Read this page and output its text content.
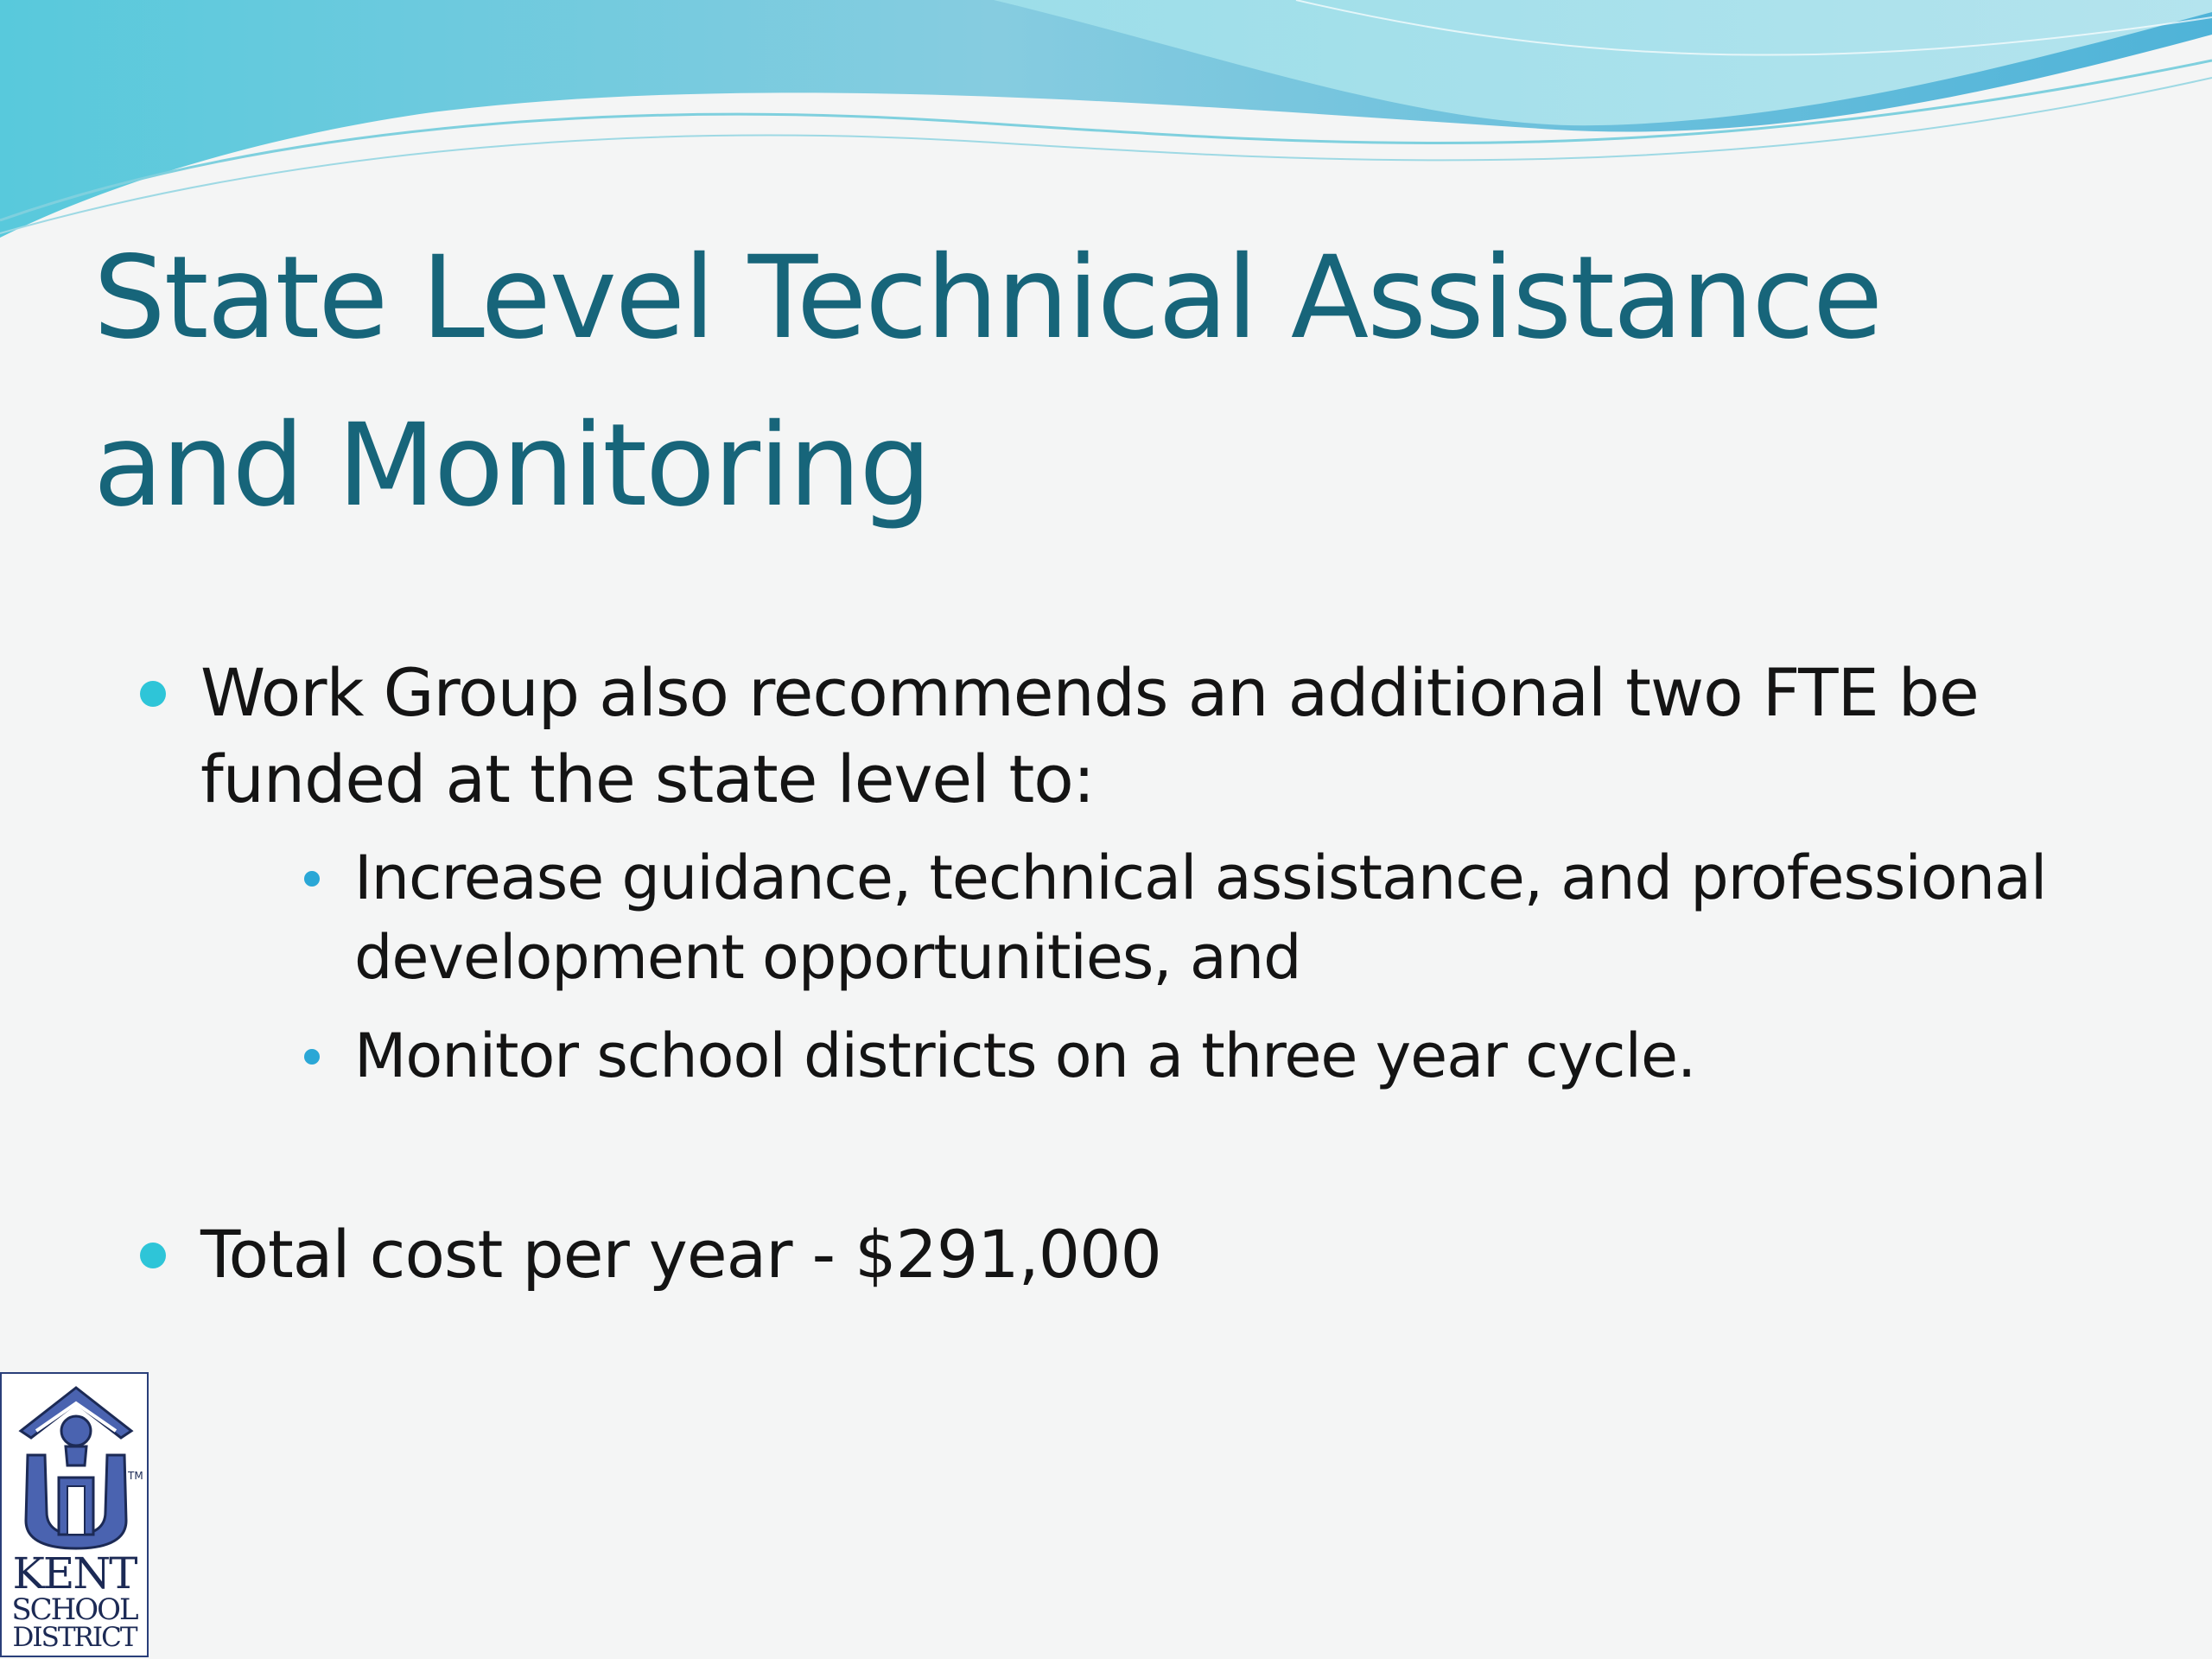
State Level Technical Assistance
and Monitoring
Work Group also recommends an additional two FTE be funded at the state level to:
Increase guidance, technical assistance, and professional development opportunities, and
Monitor school districts on a three year cycle.
Total cost per year - $291,000
TM
KENT
SCHOOL
DISTRICT
